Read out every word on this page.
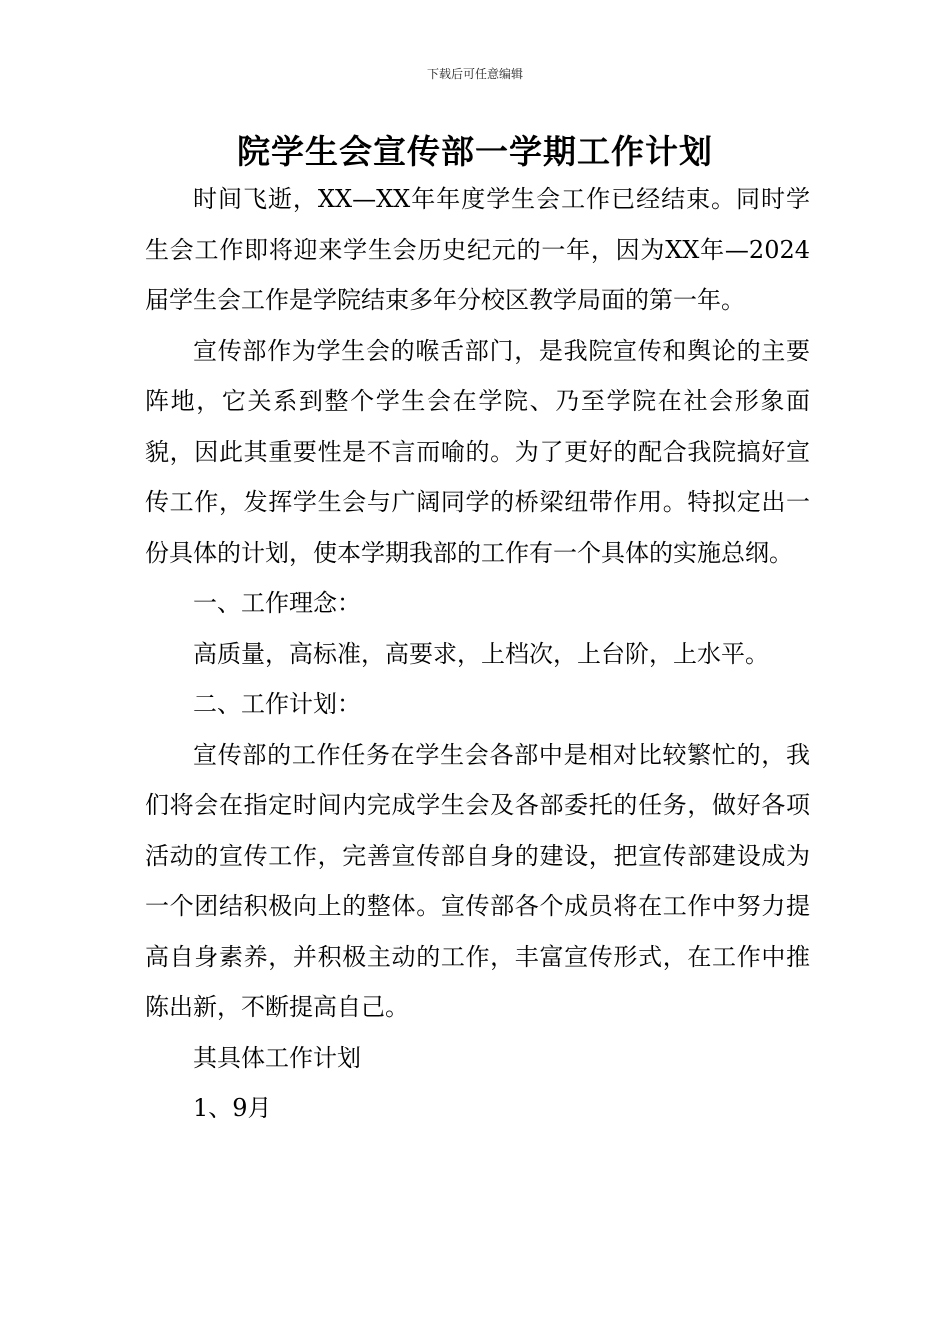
下载后可任意编辑
院学生会宣传部一学期工作计划

时间飞逝，XX—XX年年度学生会工作已经结束。同时学生会工作即将迎来学生会历史纪元的一年，因为XX年—2024届学生会工作是学院结束多年分校区教学局面的第一年。

宣传部作为学生会的喉舌部门，是我院宣传和舆论的主要阵地，它关系到整个学生会在学院、乃至学院在社会形象面貌，因此其重要性是不言而喻的。为了更好的配合我院搞好宣传工作，发挥学生会与广阔同学的桥梁纽带作用。特拟定出一份具体的计划，使本学期我部的工作有一个具体的实施总纲。

一、工作理念：

高质量，高标准，高要求，上档次，上台阶，上水平。

二、工作计划：

宣传部的工作任务在学生会各部中是相对比较繁忙的，我们将会在指定时间内完成学生会及各部委托的任务，做好各项活动的宣传工作，完善宣传部自身的建设，把宣传部建设成为一个团结积极向上的整体。宣传部各个成员将在工作中努力提高自身素养，并积极主动的工作，丰富宣传形式，在工作中推陈出新，不断提高自己。

其具体工作计划

1、9月
